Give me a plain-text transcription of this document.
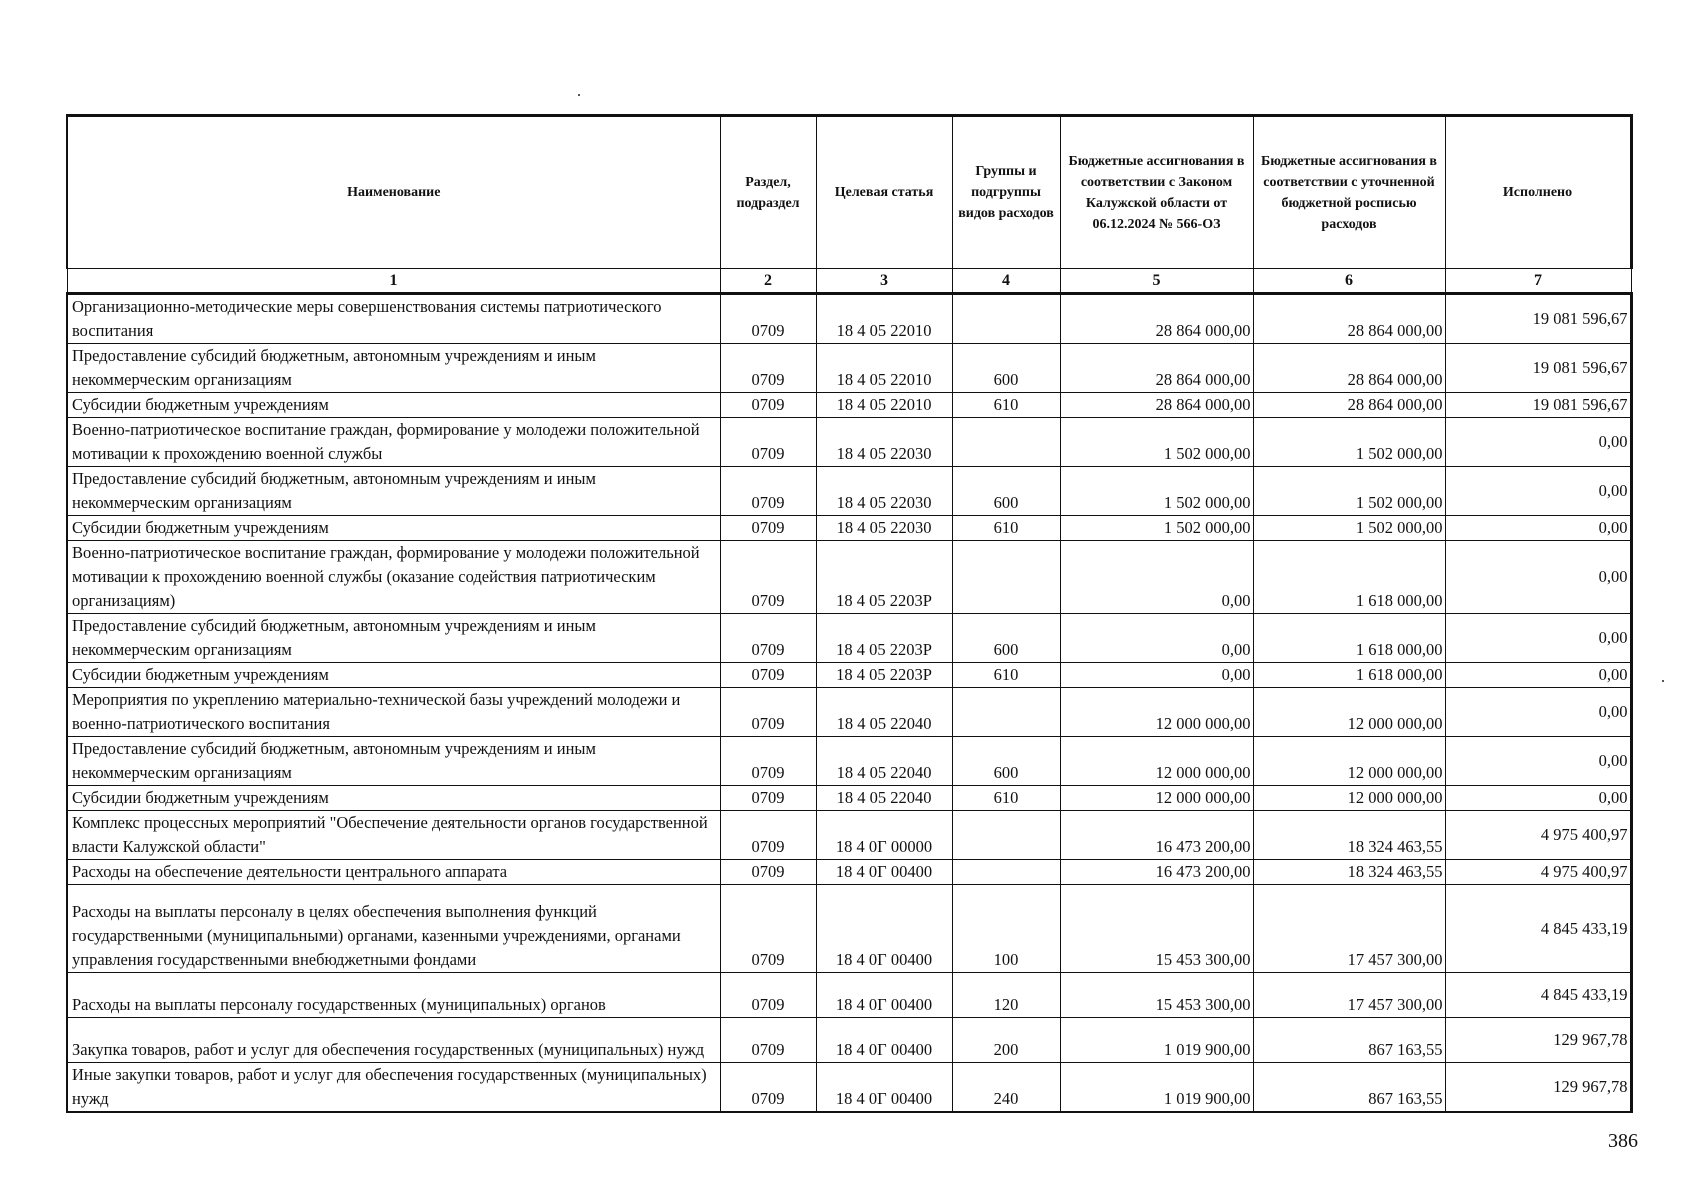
Наименование	Раздел, подраздел	Целевая статья	Группы и подгруппы видов расходов	Бюджетные ассигнования в соответствии с Законом Калужской области от 06.12.2024 № 566-ОЗ	Бюджетные ассигнования в соответствии с уточненной бюджетной росписью расходов	Исполнено
1	2	3	4	5	6	7
Организационно-методические меры совершенствования системы патриотического воспитания	0709	18 4 05 22010		28 864 000,00	28 864 000,00	19 081 596,67
Предоставление субсидий бюджетным, автономным учреждениям и иным некоммерческим организациям	0709	18 4 05 22010	600	28 864 000,00	28 864 000,00	19 081 596,67
Субсидии бюджетным учреждениям	0709	18 4 05 22010	610	28 864 000,00	28 864 000,00	19 081 596,67
Военно-патриотическое воспитание граждан, формирование у молодежи положительной мотивации к прохождению военной службы	0709	18 4 05 22030		1 502 000,00	1 502 000,00	0,00
Предоставление субсидий бюджетным, автономным учреждениям и иным некоммерческим организациям	0709	18 4 05 22030	600	1 502 000,00	1 502 000,00	0,00
Субсидии бюджетным учреждениям	0709	18 4 05 22030	610	1 502 000,00	1 502 000,00	0,00
Военно-патриотическое воспитание граждан, формирование у молодежи положительной мотивации к прохождению военной службы (оказание содействия патриотическим организациям)	0709	18 4 05 2203Р		0,00	1 618 000,00	0,00
Предоставление субсидий бюджетным, автономным учреждениям и иным некоммерческим организациям	0709	18 4 05 2203Р	600	0,00	1 618 000,00	0,00
Субсидии бюджетным учреждениям	0709	18 4 05 2203Р	610	0,00	1 618 000,00	0,00
Мероприятия по укреплению материально-технической базы учреждений молодежи и военно-патриотического воспитания	0709	18 4 05 22040		12 000 000,00	12 000 000,00	0,00
Предоставление субсидий бюджетным, автономным учреждениям и иным некоммерческим организациям	0709	18 4 05 22040	600	12 000 000,00	12 000 000,00	0,00
Субсидии бюджетным учреждениям	0709	18 4 05 22040	610	12 000 000,00	12 000 000,00	0,00
Комплекс процессных мероприятий "Обеспечение деятельности органов государственной власти Калужской области"	0709	18 4 0Г 00000		16 473 200,00	18 324 463,55	4 975 400,97
Расходы на обеспечение деятельности центрального аппарата	0709	18 4 0Г 00400		16 473 200,00	18 324 463,55	4 975 400,97
Расходы на выплаты персоналу в целях обеспечения выполнения функций государственными (муниципальными) органами, казенными учреждениями, органами управления государственными внебюджетными фондами	0709	18 4 0Г 00400	100	15 453 300,00	17 457 300,00	4 845 433,19
Расходы на выплаты персоналу государственных (муниципальных) органов	0709	18 4 0Г 00400	120	15 453 300,00	17 457 300,00	4 845 433,19
Закупка товаров, работ и услуг для обеспечения государственных (муниципальных) нужд	0709	18 4 0Г 00400	200	1 019 900,00	867 163,55	129 967,78
Иные закупки товаров, работ и услуг для обеспечения государственных (муниципальных) нужд	0709	18 4 0Г 00400	240	1 019 900,00	867 163,55	129 967,78
386
